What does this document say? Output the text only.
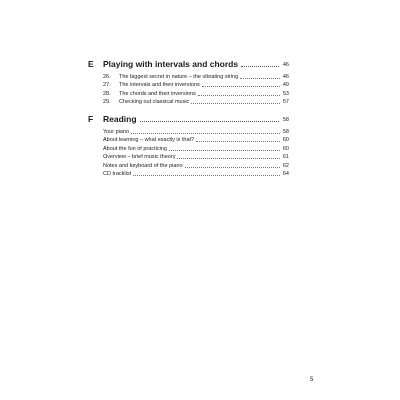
E Playing with intervals and chords	46
26.	The biggest secret in nature – the vibrating string	46
27.	The intervals and their inversions	49
28.	The chords and their inversions	53
29.	Checking out classical music	57
F Reading	58
Your piano	58
About learning – what exactly is that?	60
About the fun of practicing	60
Overview – brief music theory	61
Notes and keyboard of the piano	62
CD tracklist	64
5
